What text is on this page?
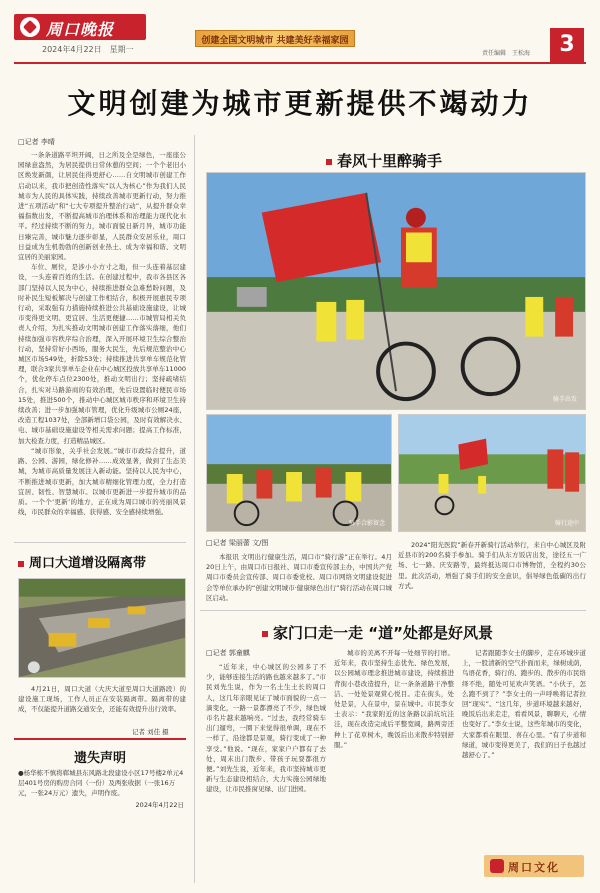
周口晚报
2024年4月22日 星期一
创建全国文明城市 共建美好幸福家园
责任编辑 王松海	3
文明创建为城市更新提供不竭动力
□记者 李晴

一条条道路平坦开阔，日之所及全是绿色，一座座公园绿意盎然，为居民提供日常休憩的空间；一个个老旧小区焕发新颜，让居民住得更舒心……自文明城市创建工作启动以来，我市把创造性落实“以人为核心”作为我们人民城市为人民的具体实践，持续改善城市更新行动，努力推进“五项活动”和“七大专项提升整治行动”，从提升群众幸福指数出发，不断提高城市治理体系和治理能力现代化水平。经过持续不断的努力，城市面貌日新月异，城市功能日臻完善，城市魅力逐步彰显，人民群众安居乐业，周口日益成为生机勃勃的创新创业热土、成为幸福和谐、文明宜居的美丽家园。

车位、厕位，是涉小小方寸之地，但一头连着基层建设，一头连着百姓的生活。在创建过程中，我市各县区各部门坚持以人民为中心，持续推进群众急难愁盼问题，及时补民生短板解决与创建工作相结合，积极开展惠民专项行动，采取强有力措施持续推进公共基础设施建设，让城市变得更文明、更宜居、生活更便捷……市城管局相关负责人介绍，为扎实推动文明城市创建工作落实落细，他们持续加强市容秩序综合治理，深入开展环境卫生综合整治行动，坚持常好小西场，服务大民生，先后规范整治中心城区市场549处，折除53处；持续推进共享单车规范化管理，联合3家共享单车企业在中心城区投放共享单车11000个，优化停车点位2300处，推动文明出行；坚持疏堵结合，扎实对马路游商的有效治理，先后设置临时便民市场15处，推进500个，推动中心城区城市秩序和环境卫生持续改善；进一步加强城市管理，优化升级城市公厕24座，改造工程1037处，全部新增口袋公园，及时有效解决水、电、城市基础设施建设等相关需求问题；提高工作标准，加大检查力度，打造精品城区。

“城市形象，关乎社会发展。”城市市政综合提升，道路、公园、游园，绿化修补……成效显著，做到了生态美城，为城市高质量发展注入新动能。坚持以人民为中心，不断推进城市更新，加大城市精细化管理力度，全力打造宜居、韧性、智慧城市。以城市更新进一步提升城市的品质。一个个‘更新’的地方，正在成为周口城市的亮丽风景线，市民群众的幸福感、获得感、安全感持续增强。

周口大道增设隔离带

4月21日，周口大道（大庆大道至周口大道路段）的建设施工现场，工作人员正在安装隔离带。隔离带的建成，不仅能提升道路交通安全，还能有效提升出行效率。

记者 刘佳 摄
遗失声明
●杨华栋不慎将郸城县东风路北段建设小区17号楼2单元4层401号房的购房合同（一份）及两张收据（一张16万元，一张24万元）遗失，声明作废。
2024年4月22日
春风十里醉骑手
骑手出发
骑手合影留念	骑行途中
□记者 梁丽蕾 文/图

本报讯 文明出行健康生活，周口市“骑行游”正在举行。4月20日上午，由周口市日报社、周口市委宣传部主办，中国共产党周口市委员会宣传部、周口市委党校、周口市网络文明建设促进会等单位承办的“创建文明城市·健康绿色出行”骑行活动在周口城区启动。

2024“阳光医院”新春开新骑行活动举行，来自中心城区及附近县市的200名骑手参加。骑手们从东方饭店出发，途径五一广场、七一路、庆安路等，最终抵达周口市博物馆，全程约30公里。此次活动，增强了骑手们的安全意识，倡导绿色低碳的出行方式。

家门口走一走 “道”处都是好风景
□记者 郭童麒

“近年来，中心城区的公园多了不少，能够连接生活的路也越来越多了。”市民刘先生说，作为一名土生土长的周口人，这几年亲眼见证了城市面貌的一点一滴变化，一路一景都漂亮了不少，绿色城市名片越来越响亮。“过去，我经常骑车出门遛弯，一圈下来觉得很单调，现在不一样了，沿途都是景观，骑行变成了一种享受。”他说。“现在，家家户户都有了去处，周末出门散步、带孩子玩耍都很方便。”刘先生说，近年来，我市坚持城市更新与生态建设相结合，大力实施公园绿地建设，让市民推窗见绿、出门进园。

城市的美离不开每一处细节的打磨。近年来，我市坚持生态优先、绿色发展，以公园城市理念推进城市建设，持续推进背街小巷改造提升，让一条条道路干净整洁、一处处景观赏心悦目。走在街头，处处是景，人在景中，景在城中。市民李女士表示：“我家附近的这条路以前坑坑洼洼，现在改造完成后平整宽阔，路两旁还种上了花草树木，晚饭后出来散步特别舒服。”

记者跟随李女士的脚步，走在环城步道上，一股清新的空气扑面而来，绿树成荫，鸟语花香，骑行的、跑步的、散步的市民络绎不绝，随处可见欢声笑语。“小伙子，怎么跑不到了？”李女士的一声呼唤将记者拉回“现实”。“这几年，步道环境越来越好，晚饭后出来走走，看看风景，聊聊天，心情也变好了。”李女士说，这些年城市的变化，大家都看在眼里、喜在心里。“有了步道和绿道，城市变得更美了，我们的日子也越过越舒心了。”

周口文化
